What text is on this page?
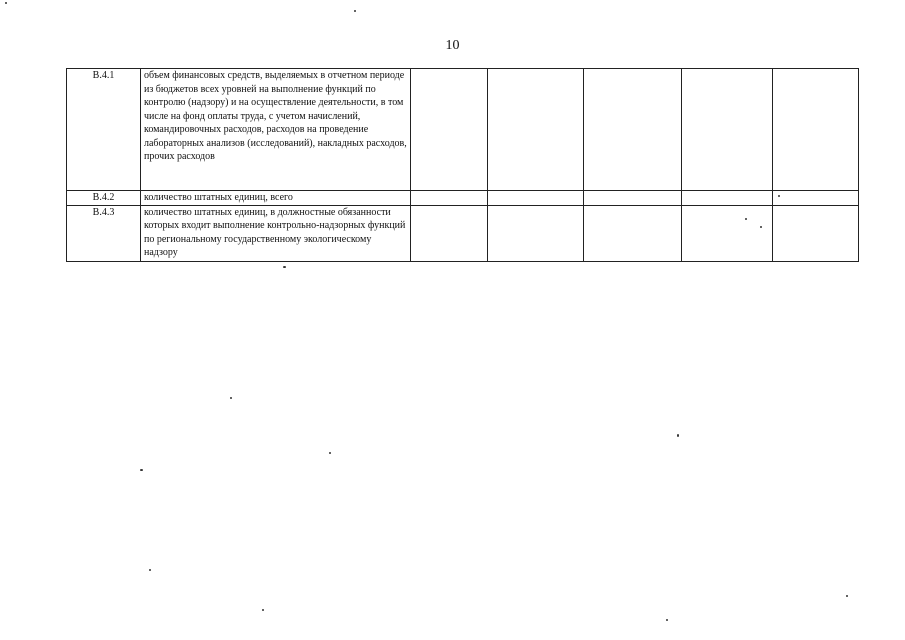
10
В.4.1	объем финансовых средств, выделяемых в отчетном периоде из бюджетов всех уровней на выполнение функций по контролю (надзору) и на осуществление деятельности, в том числе на фонд оплаты труда, с учетом начислений, командировочных расходов, расходов на проведение лабораторных анализов (исследований), накладных расходов, прочих расходов					
В.4.2	количество штатных единиц, всего					
В.4.3	количество штатных единиц, в должностные обязанности которых входит выполнение контрольно-надзорных функций по региональному государственному экологическому надзору					
